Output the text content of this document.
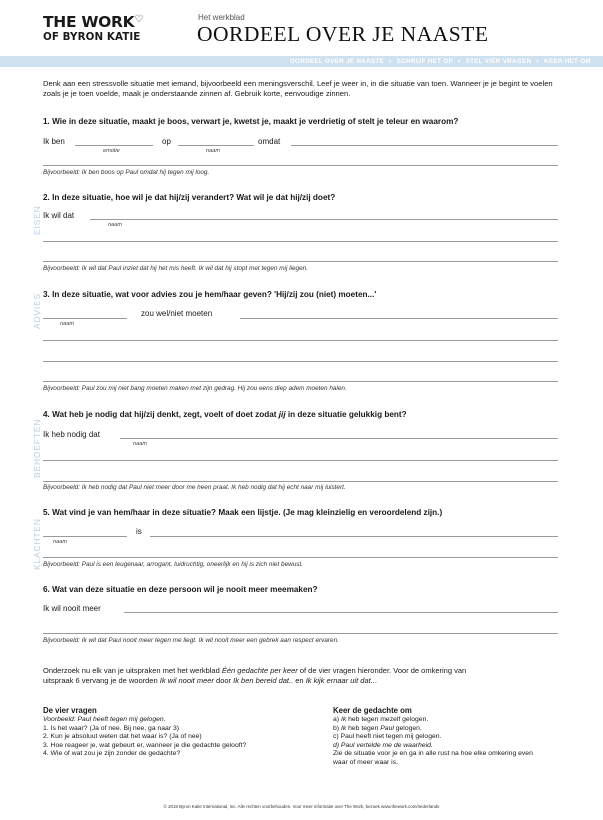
THE WORK♡
OF BYRON KATIE
Het werkblad
OORDEEL OVER JE NAASTE
OORDEEL OVER JE NAASTE • SCHRIJF HET OP • STEL VIER VRAGEN • KEER HET OM
Denk aan een stressvolle situatie met iemand, bijvoorbeeld een meningsverschil. Leef je weer in, in die situatie van toen. Wanneer je je begint te voelen zoals je je toen voelde, maak je onderstaande zinnen af. Gebruik korte, eenvoudige zinnen.
EISEN
ADVIES
BEHOEFTEN
KLACHTEN
1. Wie in deze situatie, maakt je boos, verwart je, kwetst je, maakt je verdrietig of stelt je teleur en waarom?
Ik ben	op	omdat
emotie	naam
Bijvoorbeeld: Ik ben boos op Paul omdat hij tegen mij loog.
2. In deze situatie, hoe wil je dat hij/zij verandert? Wat wil je dat hij/zij doet?
Ik wil dat
naam
Bijvoorbeeld: Ik wil dat Paul inziet dat hij het mis heeft. Ik wil dat hij stopt met tegen mij liegen.
3. In deze situatie, wat voor advies zou je hem/haar geven? 'Hij/zij zou (niet) moeten...'
zou wel/niet moeten
naam
Bijvoorbeeld: Paul zou mij niet bang moeten maken met zijn gedrag. Hij zou eens diep adem moeten halen.
4. Wat heb je nodig dat hij/zij denkt, zegt, voelt of doet zodat jij in deze situatie gelukkig bent?
Ik heb nodig dat
naam
Bijvoorbeeld: Ik heb nodig dat Paul niet meer door me heen praat. Ik heb nodig dat hij echt naar mij luistert.
5. Wat vind je van hem/haar in deze situatie? Maak een lijstje. (Je mag kleinzielig en veroordelend zijn.)
is
naam
Bijvoorbeeld: Paul is een leugenaar, arrogant, luidruchtig, oneerlijk en hij is zich niet bewust.
6. Wat van deze situatie en deze persoon wil je nooit meer meemaken?
Ik wil nooit meer
Bijvoorbeeld: Ik wil dat Paul nooit meer tegen me liegt. Ik wil nooit meer een gebrek aan respect ervaren.
Onderzoek nu elk van je uitspraken met het werkblad Één gedachte per keer of de vier vragen hieronder. Voor de omkering van
uitspraak 6 vervang je de woorden Ik wil nooit meer door Ik ben bereid dat.. en Ik kijk ernaar uit dat...
De vier vragen
Voorbeeld: Paul heeft tegen mij gelogen.
1. Is het waar? (Ja of nee. Bij nee, ga naar 3)
2. Kun je absoluut weten dat het waar is? (Ja of nee)
3. Hoe reageer je, wat gebeurt er, wanneer je die gedachte gelooft?
4. Wie of wat zou je zijn zonder de gedachte?
Keer de gedachte om
a) Ik heb tegen mezelf gelogen.
b) Ik heb tegen Paul gelogen.
c) Paul heeft niet tegen mij gelogen.
d) Paul vertelde me de waarheid.
Zie de situatie voor je en ga in alle rust na hoe elke omkering even waar of meer waar is.
© 2019 Byron Katie International, Inc. Alle rechten voorbehouden. Voor meer informatie over The Work, bezoek www.thework.com/nederlands
